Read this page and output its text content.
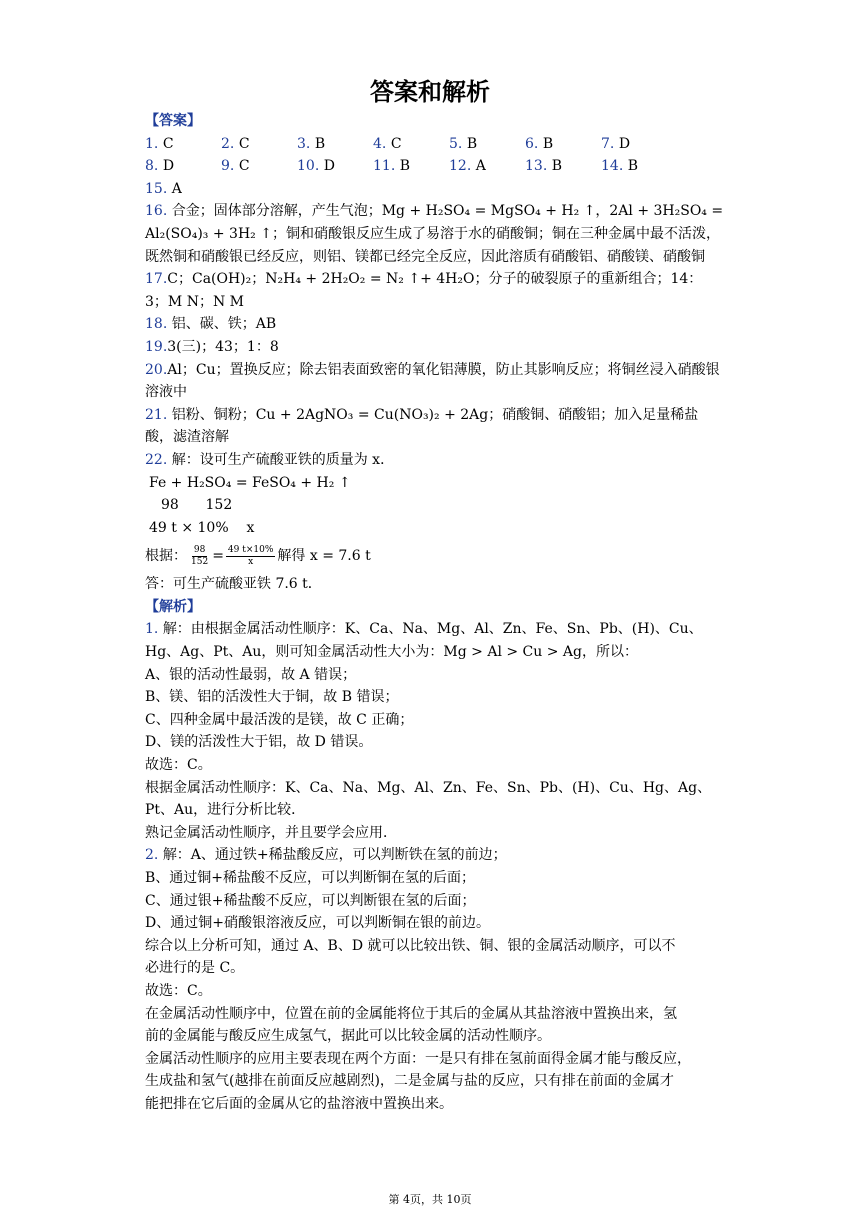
答案和解析
【答案】
1. C	2. C	3. B	4. C	5. B	6. B	7. D
8. D	9. C	10. D	11. B	12. A	13. B	14. B
15. A
16. 合金；固体部分溶解，产生气泡；Mg + H₂SO₄ = MgSO₄ + H₂ ↑，2Al + 3H₂SO₄ = Al₂(SO₄)₃ + 3H₂ ↑；铜和硝酸银反应生成了易溶于水的硝酸铜；铜在三种金属中最不活泼，既然铜和硝酸银已经反应，则铝、镁都已经完全反应，因此溶质有硝酸铝、硝酸镁、硝酸铜
17.C；Ca(OH)₂；N₂H₄ + 2H₂O₂ = N₂ ↑+ 4H₂O；分子的破裂原子的重新组合；14：3；M N；N M
18. 铝、碳、铁；AB
19.3(三)；43；1：8
20.Al；Cu；置换反应；除去铝表面致密的氧化铝薄膜，防止其影响反应；将铜丝浸入硝酸银溶液中
21. 铝粉、铜粉；Cu + 2AgNO₃ = Cu(NO₃)₂ + 2Ag；硝酸铜、硝酸铝；加入足量稀盐酸，滤渣溶解
22. 解：设可生产硫酸亚铁的质量为 x．
Fe + H₂SO₄ = FeSO₄ + H₂ ↑
98      152
49 t × 10%    x
根据： $\frac{98}{152} = \frac{49 t\times 10\%}{x}$ 解得 x = 7.6 t
答：可生产硫酸亚铁 7.6 t．
【解析】
1. 解：由根据金属活动性顺序：K、Ca、Na、Mg、Al、Zn、Fe、Sn、Pb、(H)、Cu、
Hg、Ag、Pt、Au，则可知金属活动性大小为：Mg > Al > Cu > Ag，所以：
A、银的活动性最弱，故 A 错误；
B、镁、铝的活泼性大于铜，故 B 错误；
C、四种金属中最活泼的是镁，故 C 正确；
D、镁的活泼性大于铝，故 D 错误。
故选：C。
根据金属活动性顺序：K、Ca、Na、Mg、Al、Zn、Fe、Sn、Pb、(H)、Cu、Hg、Ag、
Pt、Au，进行分析比较．
熟记金属活动性顺序，并且要学会应用．
2. 解：A、通过铁+稀盐酸反应，可以判断铁在氢的前边；
B、通过铜+稀盐酸不反应，可以判断铜在氢的后面；
C、通过银+稀盐酸不反应，可以判断银在氢的后面；
D、通过铜+硝酸银溶液反应，可以判断铜在银的前边。
综合以上分析可知，通过 A、B、D 就可以比较出铁、铜、银的金属活动顺序，可以不
必进行的是 C。
故选：C。
在金属活动性顺序中，位置在前的金属能将位于其后的金属从其盐溶液中置换出来，氢
前的金属能与酸反应生成氢气，据此可以比较金属的活动性顺序。
金属活动性顺序的应用主要表现在两个方面：一是只有排在氢前面得金属才能与酸反应，
生成盐和氢气(越排在前面反应越剧烈)，二是金属与盐的反应，只有排在前面的金属才
能把排在它后面的金属从它的盐溶液中置换出来。
第 4页，共 10页
